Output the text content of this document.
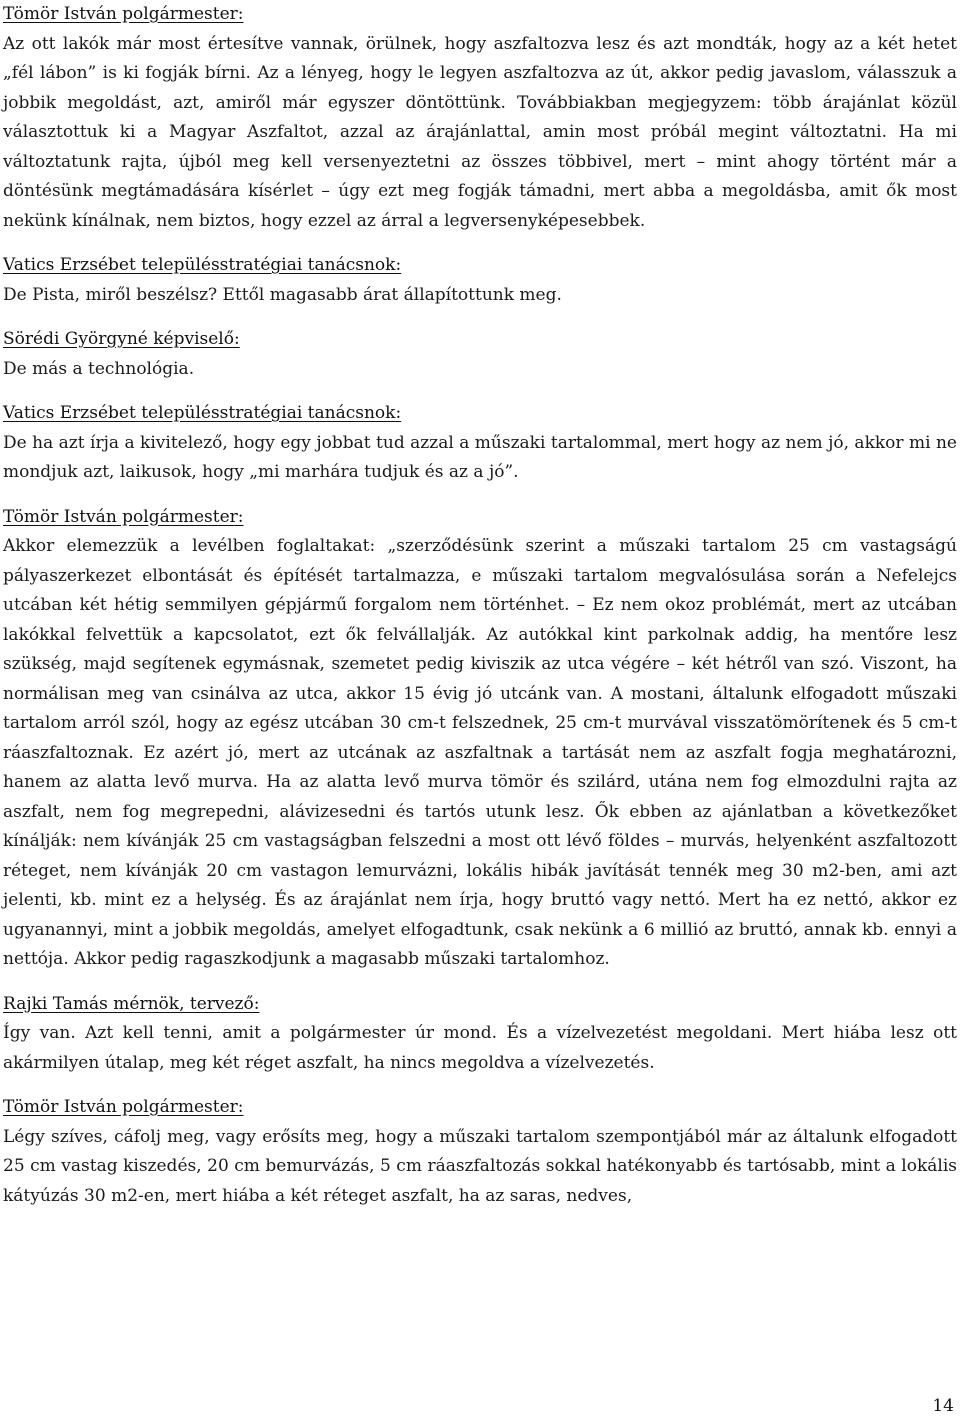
Tömör István polgármester:

Az ott lakók már most értesítve vannak, örülnek, hogy aszfaltozva lesz és azt mondták, hogy az a két hetet „fél lábon” is ki fogják bírni. Az a lényeg, hogy le legyen aszfaltozva az út, akkor pedig javaslom, válasszuk a jobbik megoldást, azt, amiről már egyszer döntöttünk. Továbbiakban megjegyzem: több árajánlat közül választottuk ki a Magyar Aszfaltot, azzal az árajánlattal, amin most próbál megint változtatni. Ha mi változtatunk rajta, újból meg kell versenyeztetni az összes többivel, mert – mint ahogy történt már a döntésünk megtámadására kísérlet – úgy ezt meg fogják támadni, mert abba a megoldásba, amit ők most nekünk kínálnak, nem biztos, hogy ezzel az árral a legversenyképesebbek.

Vatics Erzsébet településstratégiai tanácsnok:

De Pista, miről beszélsz? Ettől magasabb árat állapítottunk meg.

Sörédi Györgyné képviselő:

De más a technológia.

Vatics Erzsébet településstratégiai tanácsnok:

De ha azt írja a kivitelező, hogy egy jobbat tud azzal a műszaki tartalommal, mert hogy az nem jó, akkor mi ne mondjuk azt, laikusok, hogy „mi marhára tudjuk és az a jó”.

Tömör István polgármester:

Akkor elemezzük a levélben foglaltakat: „szerződésünk szerint a műszaki tartalom 25 cm vastagságú pályaszerkezet elbontását és építését tartalmazza, e műszaki tartalom megvalósulása során a Nefelejcs utcában két hétig semmilyen gépjármű forgalom nem történhet. – Ez nem okoz problémát, mert az utcában lakókkal felvettük a kapcsolatot, ezt ők felvállalják. Az autókkal kint parkolnak addig, ha mentőre lesz szükség, majd segítenek egymásnak, szemetet pedig kiviszik az utca végére – két hétről van szó. Viszont, ha normálisan meg van csinálva az utca, akkor 15 évig jó utcánk van. A mostani, általunk elfogadott műszaki tartalom arról szól, hogy az egész utcában 30 cm-t felszednek, 25 cm-t murvával visszatömörítenek és 5 cm-t ráaszfaltoznak. Ez azért jó, mert az utcának az aszfaltnak a tartását nem az aszfalt fogja meghatározni, hanem az alatta levő murva. Ha az alatta levő murva tömör és szilárd, utána nem fog elmozdulni rajta az aszfalt, nem fog megrepedni, alávizesedni és tartós utunk lesz. Ők ebben az ajánlatban a következőket kínálják: nem kívánják 25 cm vastagságban felszedni a most ott lévő földes – murvás, helyenként aszfaltozott réteget, nem kívánják 20 cm vastagon lemurvázni, lokális hibák javítását tennék meg 30 m2-ben, ami azt jelenti, kb. mint ez a helység. És az árajánlat nem írja, hogy bruttó vagy nettó. Mert ha ez nettó, akkor ez ugyanannyi, mint a jobbik megoldás, amelyet elfogadtunk, csak nekünk a 6 millió az bruttó, annak kb. ennyi a nettója. Akkor pedig ragaszkodjunk a magasabb műszaki tartalomhoz.

Rajki Tamás mérnök, tervező:

Így van. Azt kell tenni, amit a polgármester úr mond. És a vízelvezetést megoldani. Mert hiába lesz ott akármilyen útalap, meg két réget aszfalt, ha nincs megoldva a vízelvezetés.

Tömör István polgármester:

Légy szíves, cáfolj meg, vagy erősíts meg, hogy a műszaki tartalom szempontjából már az általunk elfogadott 25 cm vastag kiszedés, 20 cm bemurvázás, 5 cm ráaszfaltozás sokkal hatékonyabb és tartósabb, mint a lokális kátyúzás 30 m2-en, mert hiába a két réteget aszfalt, ha az saras, nedves,

14
